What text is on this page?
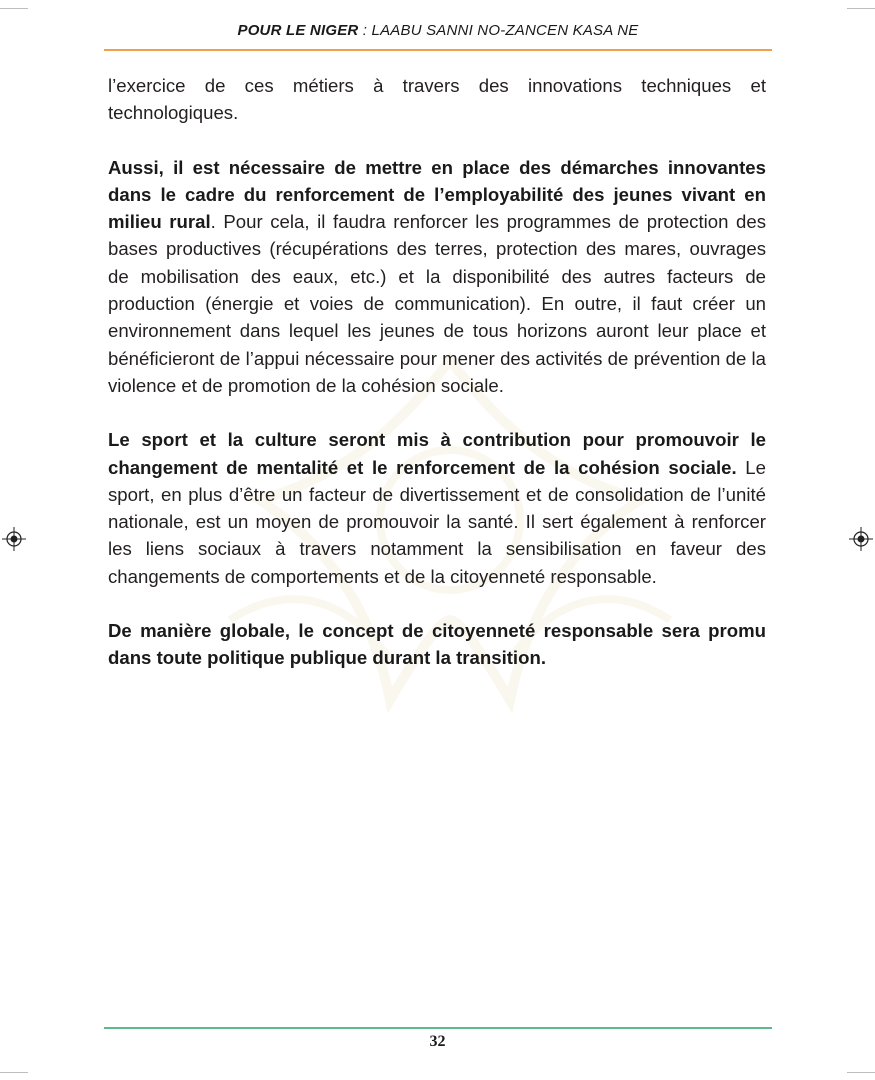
POUR LE NIGER : LAABU SANNI NO-ZANCEN KASA NE

l’exercice de ces métiers à travers des innovations techniques et technologiques.

Aussi, il est nécessaire de mettre en place des démarches innovantes dans le cadre du renforcement de l’employabilité des jeunes vivant en milieu rural. Pour cela, il faudra renforcer les programmes de protection des bases productives (récupérations des terres, protection des mares, ouvrages de mobilisation des eaux, etc.) et la disponibilité des autres facteurs de production (énergie et voies de communication). En outre, il faut créer un environnement dans lequel les jeunes de tous horizons auront leur place et bénéficieront de l’appui nécessaire pour mener des activités de prévention de la violence et de promotion de la cohésion sociale.

Le sport et la culture seront mis à contribution pour promouvoir le changement de mentalité et le renforcement de la cohésion sociale. Le sport, en plus d’être un facteur de divertissement et de consolidation de l’unité nationale, est un moyen de promouvoir la santé. Il sert également à renforcer les liens sociaux à travers notamment la sensibilisation en faveur des changements de comportements et de la citoyenneté responsable.

De manière globale, le concept de citoyenneté responsable sera promu dans toute politique publique durant la transition.

32
